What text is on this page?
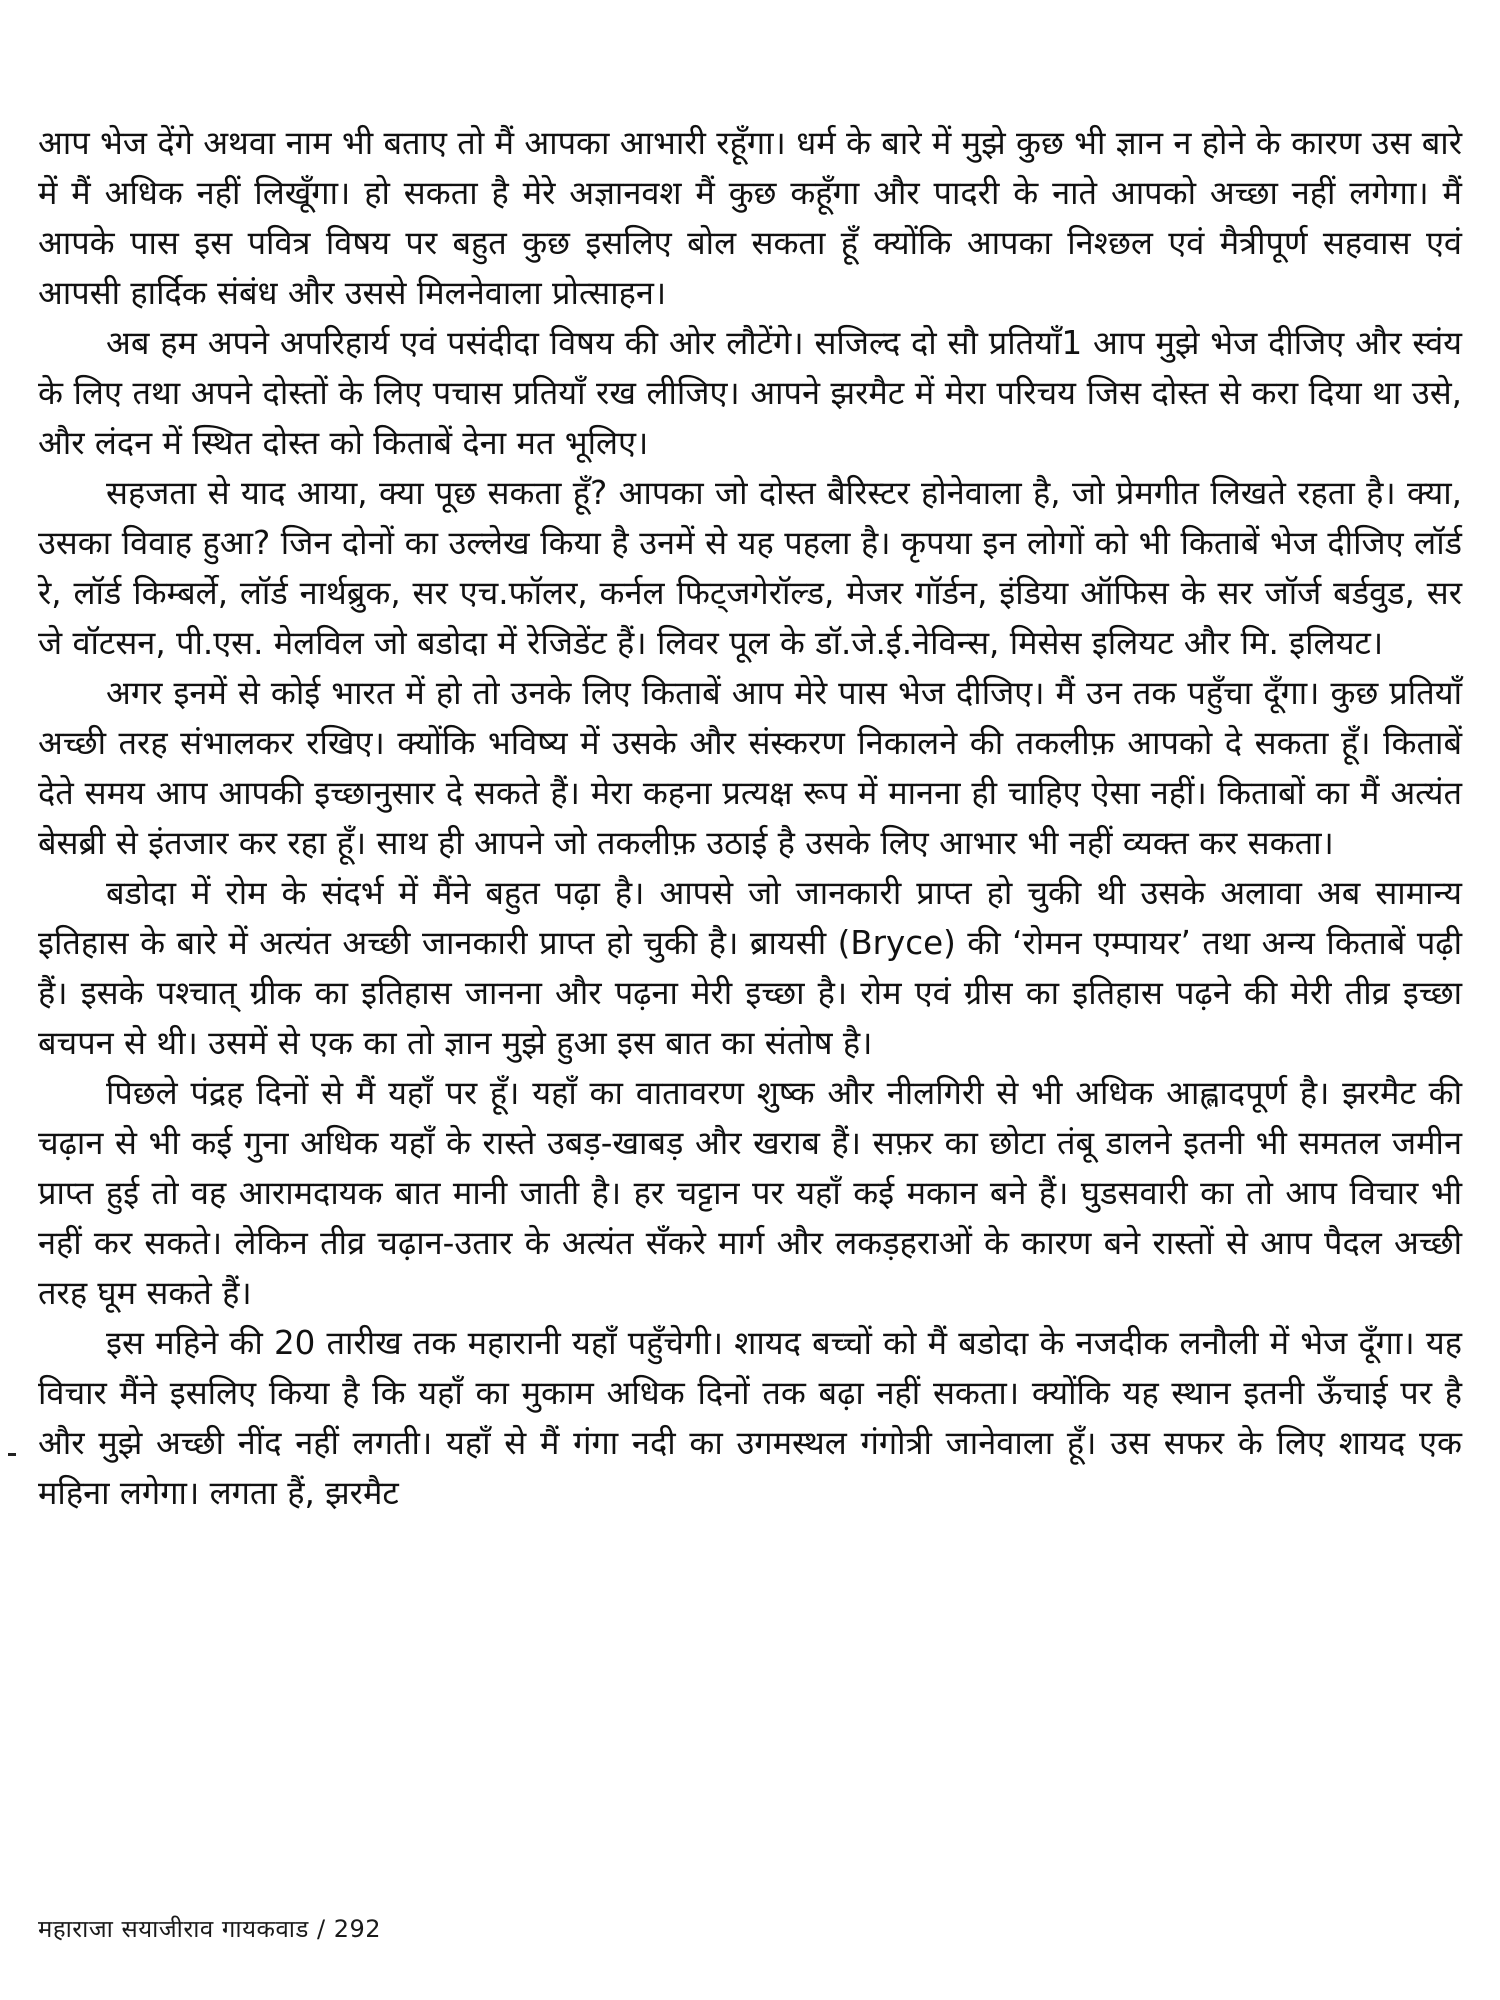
आप भेज देंगे अथवा नाम भी बताए तो मैं आपका आभारी रहूँगा। धर्म के बारे में मुझे कुछ भी ज्ञान न होने के कारण उस बारे में मैं अधिक नहीं लिखूँगा। हो सकता है मेरे अज्ञानवश मैं कुछ कहूँगा और पादरी के नाते आपको अच्छा नहीं लगेगा। मैं आपके पास इस पवित्र विषय पर बहुत कुछ इसलिए बोल सकता हूँ क्योंकि आपका निश्छल एवं मैत्रीपूर्ण सहवास एवं आपसी हार्दिक संबंध और उससे मिलनेवाला प्रोत्साहन।

अब हम अपने अपरिहार्य एवं पसंदीदा विषय की ओर लौटेंगे। सजिल्द दो सौ प्रतियाँ1 आप मुझे भेज दीजिए और स्वंय के लिए तथा अपने दोस्तों के लिए पचास प्रतियाँ रख लीजिए। आपने झरमैट में मेरा परिचय जिस दोस्त से करा दिया था उसे, और लंदन में स्थित दोस्त को किताबें देना मत भूलिए।

सहजता से याद आया, क्या पूछ सकता हूँ? आपका जो दोस्त बैरिस्टर होनेवाला है, जो प्रेमगीत लिखते रहता है। क्या, उसका विवाह हुआ? जिन दोनों का उल्लेख किया है उनमें से यह पहला है। कृपया इन लोगों को भी किताबें भेज दीजिए लॉर्ड रे, लॉर्ड किम्बर्ले, लॉर्ड नार्थब्रुक, सर एच.फॉलर, कर्नल फिट्जगेरॉल्ड, मेजर गॉर्डन, इंडिया ऑफिस के सर जॉर्ज बर्डवुड, सर जे वॉटसन, पी.एस. मेलविल जो बडोदा में रेजिडेंट हैं। लिवर पूल के डॉ.जे.ई.नेविन्स, मिसेस इलियट और मि. इलियट।

अगर इनमें से कोई भारत में हो तो उनके लिए किताबें आप मेरे पास भेज दीजिए। मैं उन तक पहुँचा दूँगा। कुछ प्रतियाँ अच्छी तरह संभालकर रखिए। क्योंकि भविष्य में उसके और संस्करण निकालने की तकलीफ़ आपको दे सकता हूँ। किताबें देते समय आप आपकी इच्छानुसार दे सकते हैं। मेरा कहना प्रत्यक्ष रूप में मानना ही चाहिए ऐसा नहीं। किताबों का मैं अत्यंत बेसब्री से इंतजार कर रहा हूँ। साथ ही आपने जो तकलीफ़ उठाई है उसके लिए आभार भी नहीं व्यक्त कर सकता।

बडोदा में रोम के संदर्भ में मैंने बहुत पढ़ा है। आपसे जो जानकारी प्राप्त हो चुकी थी उसके अलावा अब सामान्य इतिहास के बारे में अत्यंत अच्छी जानकारी प्राप्त हो चुकी है। ब्रायसी (Bryce) की ‘रोमन एम्पायर’ तथा अन्य किताबें पढ़ी हैं। इसके पश्चात् ग्रीक का इतिहास जानना और पढ़ना मेरी इच्छा है। रोम एवं ग्रीस का इतिहास पढ़ने की मेरी तीव्र इच्छा बचपन से थी। उसमें से एक का तो ज्ञान मुझे हुआ इस बात का संतोष है।

पिछले पंद्रह दिनों से मैं यहाँ पर हूँ। यहाँ का वातावरण शुष्क और नीलगिरी से भी अधिक आह्लादपूर्ण है। झरमैट की चढ़ान से भी कई गुना अधिक यहाँ के रास्ते उबड़-खाबड़ और खराब हैं। सफ़र का छोटा तंबू डालने इतनी भी समतल जमीन प्राप्त हुई तो वह आरामदायक बात मानी जाती है। हर चट्टान पर यहाँ कई मकान बने हैं। घुडसवारी का तो आप विचार भी नहीं कर सकते। लेकिन तीव्र चढ़ान-उतार के अत्यंत सँकरे मार्ग और लकड़हराओं के कारण बने रास्तों से आप पैदल अच्छी तरह घूम सकते हैं।

इस महिने की 20 तारीख तक महारानी यहाँ पहुँचेगी। शायद बच्चों को मैं बडोदा के नजदीक लनौली में भेज दूँगा। यह विचार मैंने इसलिए किया है कि यहाँ का मुकाम अधिक दिनों तक बढ़ा नहीं सकता। क्योंकि यह स्थान इतनी ऊँचाई पर है और मुझे अच्छी नींद नहीं लगती। यहाँ से मैं गंगा नदी का उगमस्थल गंगोत्री जानेवाला हूँ। उस सफर के लिए शायद एक महिना लगेगा। लगता हैं, झरमैट

महाराजा सयाजीराव गायकवाड / 292
